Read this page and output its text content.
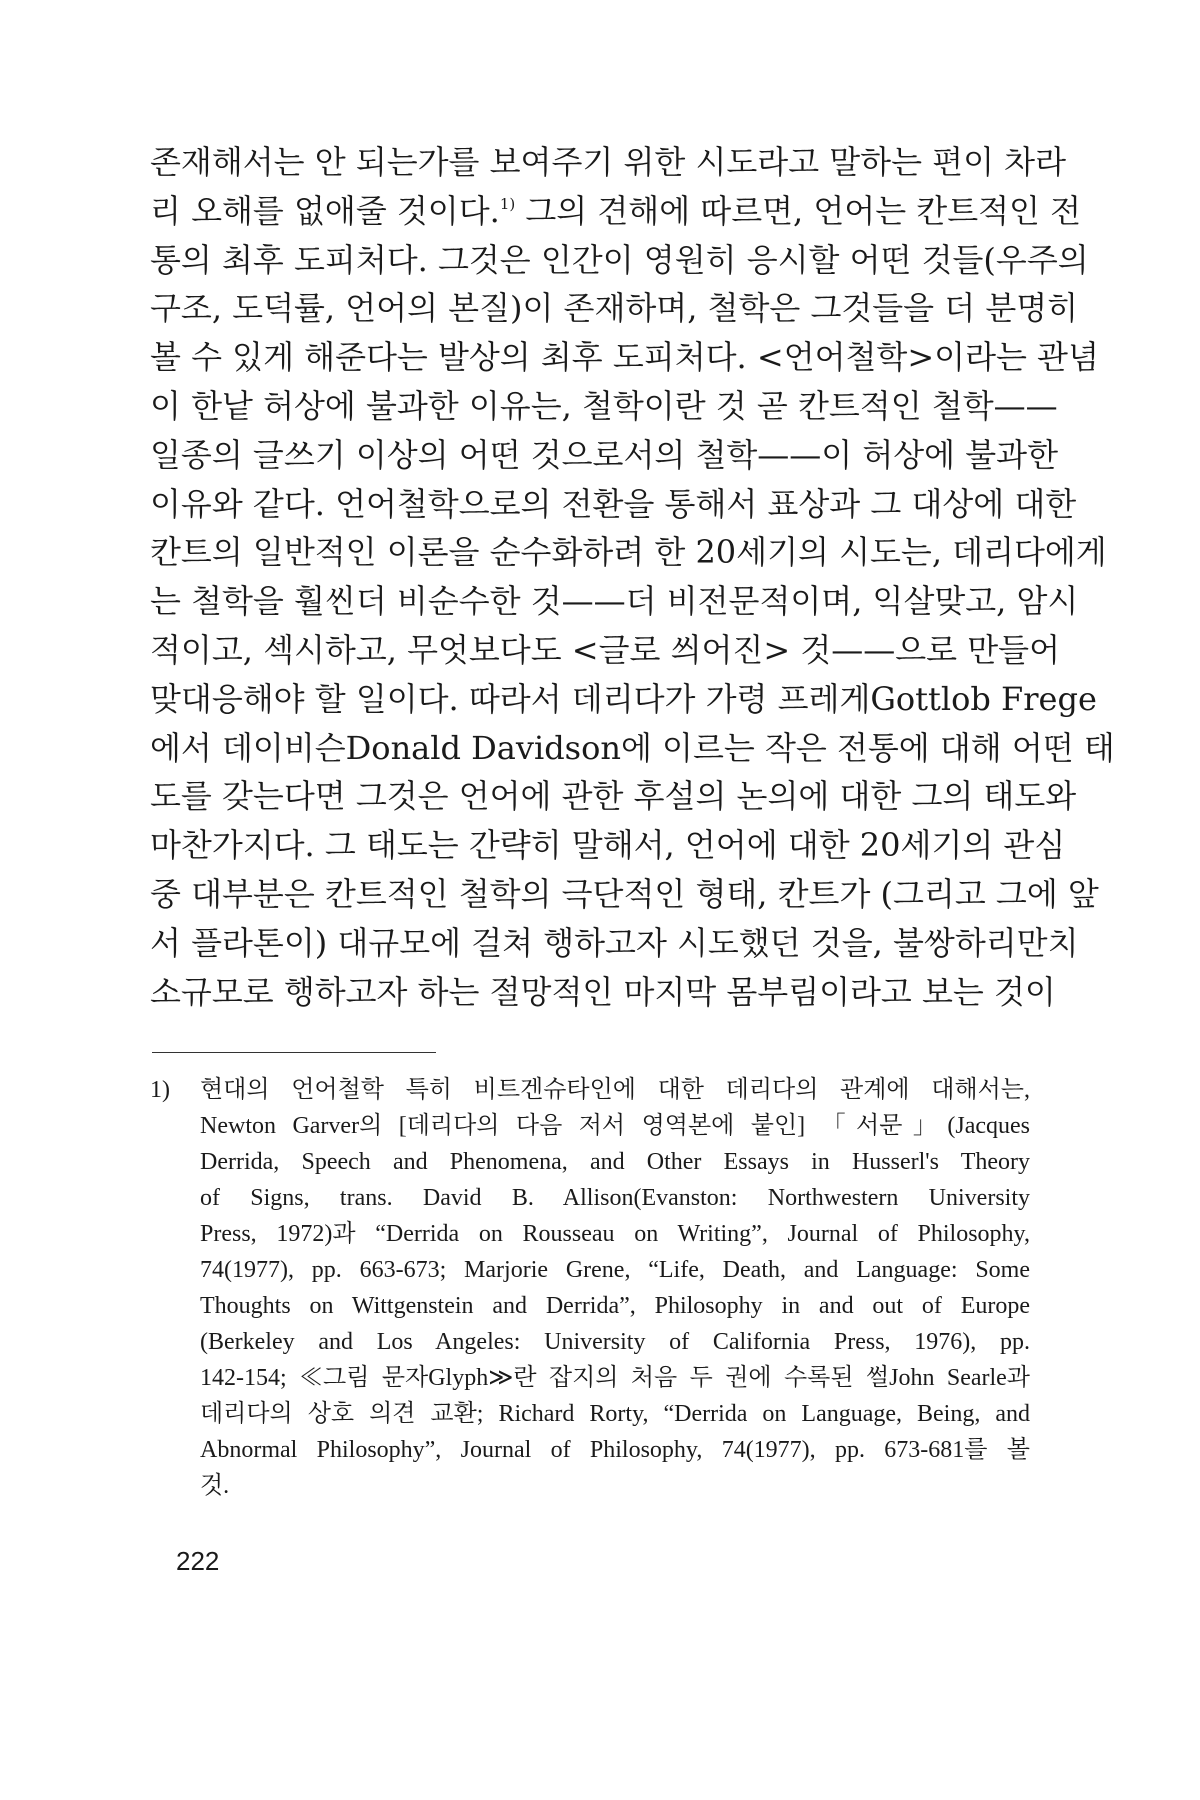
존재해서는 안 되는가를 보여주기 위한 시도라고 말하는 편이 차라
리 오해를 없애줄 것이다.$^{1)}$ 그의 견해에 따르면, 언어는 칸트적인 전
통의 최후 도피처다. 그것은 인간이 영원히 응시할 어떤 것들(우주의
구조, 도덕률, 언어의 본질)이 존재하며, 철학은 그것들을 더 분명히
볼 수 있게 해준다는 발상의 최후 도피처다. <언어철학>이라는 관념
이 한낱 허상에 불과한 이유는, 철학이란 것 곧 칸트적인 철학——
일종의 글쓰기 이상의 어떤 것으로서의 철학——이 허상에 불과한
이유와 같다. 언어철학으로의 전환을 통해서 표상과 그 대상에 대한
칸트의 일반적인 이론을 순수화하려 한 20세기의 시도는, 데리다에게
는 철학을 훨씬더 비순수한 것——더 비전문적이며, 익살맞고, 암시
적이고, 섹시하고, 무엇보다도 <글로 씌어진> 것——으로 만들어
맞대응해야 할 일이다. 따라서 데리다가 가령 프레게Gottlob Frege
에서 데이비슨Donald Davidson에 이르는 작은 전통에 대해 어떤 태
도를 갖는다면 그것은 언어에 관한 후설의 논의에 대한 그의 태도와
마찬가지다. 그 태도는 간략히 말해서, 언어에 대한 20세기의 관심
중 대부분은 칸트적인 철학의 극단적인 형태, 칸트가 (그리고 그에 앞
서 플라톤이) 대규모에 걸쳐 행하고자 시도했던 것을, 불쌍하리만치
소규모로 행하고자 하는 절망적인 마지막 몸부림이라고 보는 것이
1) 현대의 언어철학 특히 비트겐슈타인에 대한 데리다의 관계에 대해서는,
Newton Garver의 [데리다의 다음 저서 영역본에 붙인] 「서문」(Jacques
Derrida, Speech and Phenomena, and Other Essays in Husserl's Theory
of Signs, trans. David B. Allison(Evanston: Northwestern University
Press, 1972)과 “Derrida on Rousseau on Writing”, Journal of Philosophy,
74(1977), pp. 663-673; Marjorie Grene, “Life, Death, and Language: Some
Thoughts on Wittgenstein and Derrida”, Philosophy in and out of Europe
(Berkeley and Los Angeles: University of California Press, 1976), pp.
142-154; ≪그림 문자Glyph≫란 잡지의 처음 두 권에 수록된 썰John Searle과
데리다의 상호 의견 교환; Richard Rorty, “Derrida on Language, Being, and
Abnormal Philosophy”, Journal of Philosophy, 74(1977), pp. 673-681를 볼
것.
222
